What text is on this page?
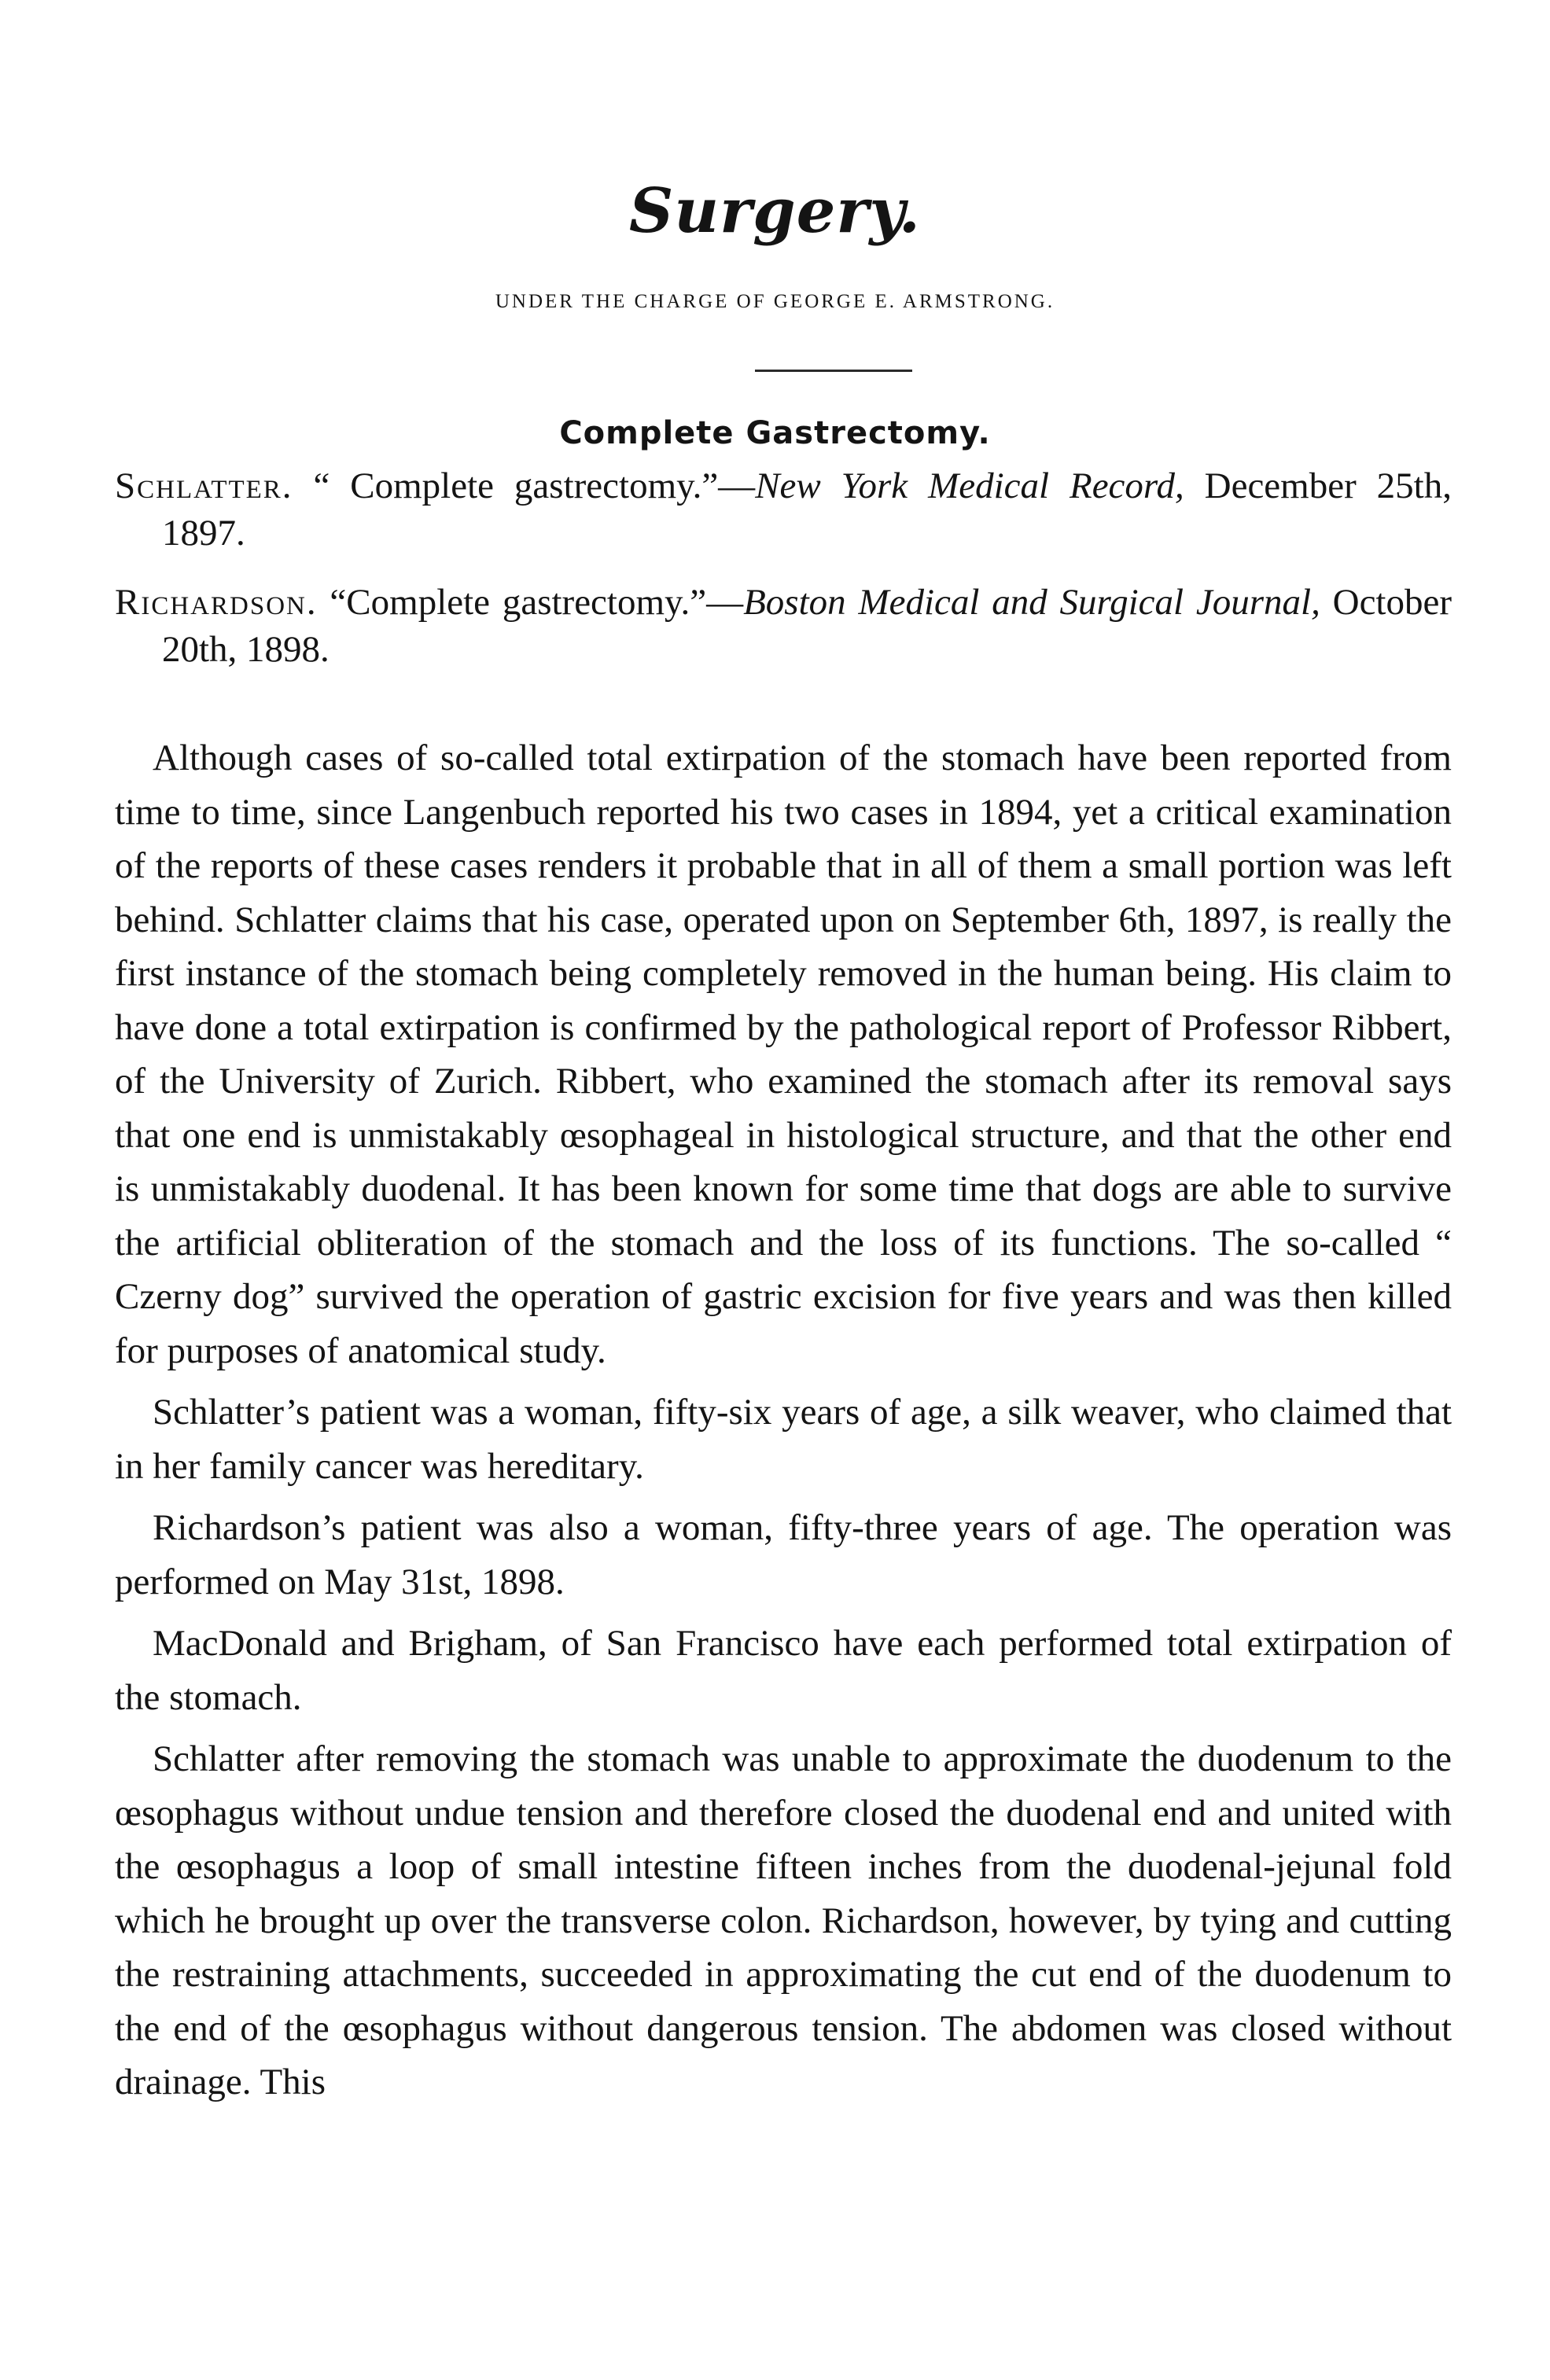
Surgery.
UNDER THE CHARGE OF GEORGE E. ARMSTRONG.
Complete Gastrectomy.
Schlatter. “ Complete gastrectomy.”—New York Medical Record, December 25th, 1897.
Richardson. “Complete gastrectomy.”—Boston Medical and Surgical Journal, October 20th, 1898.

Although cases of so-called total extirpation of the stomach have been reported from time to time, since Langenbuch reported his two cases in 1894, yet a critical examination of the reports of these cases renders it probable that in all of them a small portion was left behind. Schlatter claims that his case, operated upon on September 6th, 1897, is really the first instance of the stomach being completely removed in the human being. His claim to have done a total extirpation is confirmed by the pathological report of Professor Ribbert, of the University of Zurich. Ribbert, who examined the stomach after its removal says that one end is unmistakably œsophageal in histological structure, and that the other end is unmistakably duodenal. It has been known for some time that dogs are able to survive the artificial obliteration of the stomach and the loss of its functions. The so-called “ Czerny dog” survived the operation of gastric excision for five years and was then killed for purposes of anatomical study.

Schlatter’s patient was a woman, fifty-six years of age, a silk weaver, who claimed that in her family cancer was hereditary.

Richardson’s patient was also a woman, fifty-three years of age. The operation was performed on May 31st, 1898.

MacDonald and Brigham, of San Francisco have each performed total extirpation of the stomach.

Schlatter after removing the stomach was unable to approximate the duodenum to the œsophagus without undue tension and therefore closed the duodenal end and united with the œsophagus a loop of small intestine fifteen inches from the duodenal-jejunal fold which he brought up over the transverse colon. Richardson, however, by tying and cutting the restraining attachments, succeeded in approximating the cut end of the duodenum to the end of the œsophagus without dangerous tension. The abdomen was closed without drainage. This
